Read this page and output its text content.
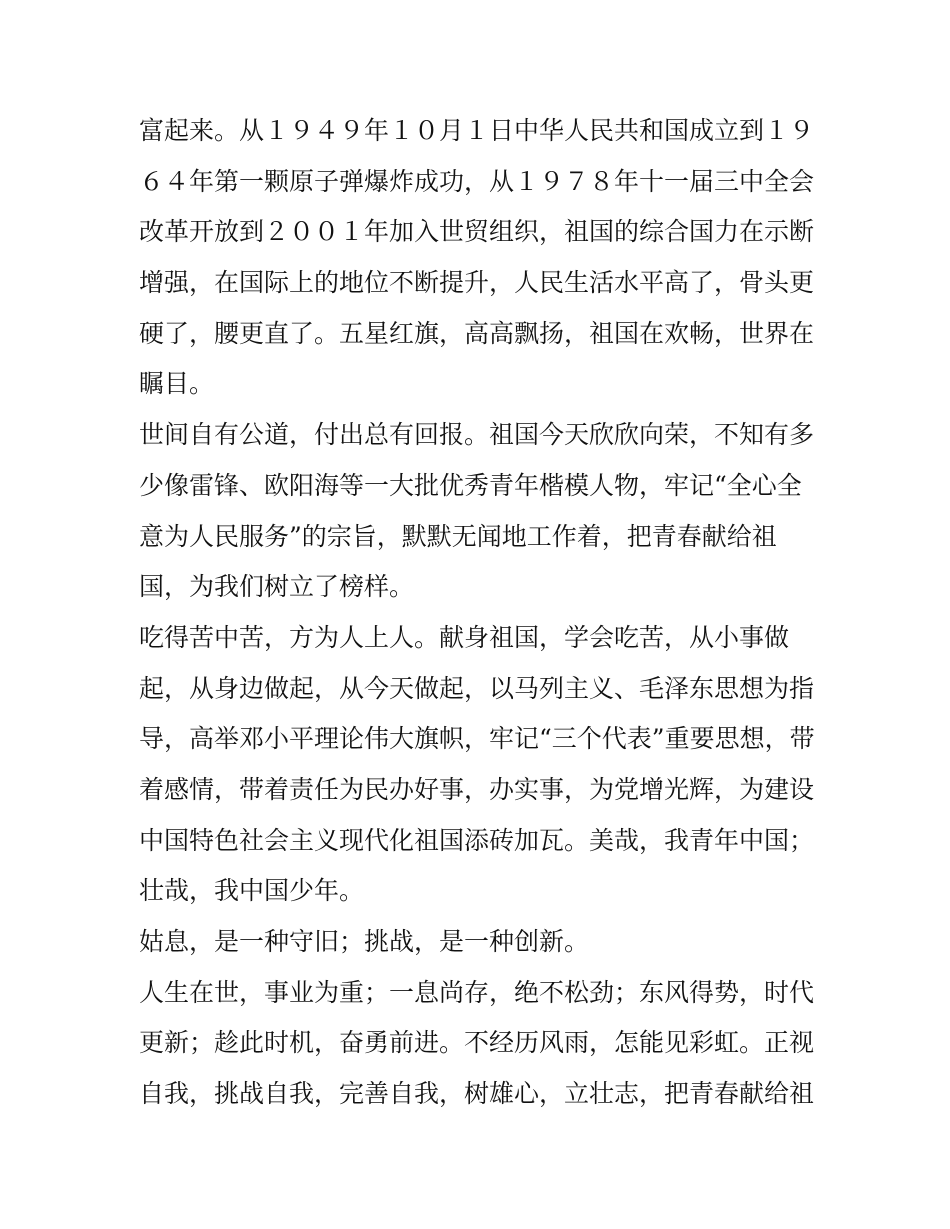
富起来。从１９４９年１０月１日中华人民共和国成立到１９
６４年第一颗原子弹爆炸成功，从１９７８年十一届三中全会
改革开放到２００１年加入世贸组织，祖国的综合国力在示断
增强，在国际上的地位不断提升，人民生活水平高了，骨头更
硬了，腰更直了。五星红旗，高高飘扬，祖国在欢畅，世界在
瞩目。
世间自有公道，付出总有回报。祖国今天欣欣向荣，不知有多
少像雷锋、欧阳海等一大批优秀青年楷模人物，牢记“全心全
意为人民服务”的宗旨，默默无闻地工作着，把青春献给祖
国，为我们树立了榜样。
吃得苦中苦，方为人上人。献身祖国，学会吃苦，从小事做
起，从身边做起，从今天做起，以马列主义、毛泽东思想为指
导，高举邓小平理论伟大旗帜，牢记“三个代表”重要思想，带
着感情，带着责任为民办好事，办实事，为党增光辉，为建设
中国特色社会主义现代化祖国添砖加瓦。美哉，我青年中国；
壮哉，我中国少年。
姑息，是一种守旧；挑战，是一种创新。
人生在世，事业为重；一息尚存，绝不松劲；东风得势，时代
更新；趁此时机，奋勇前进。不经历风雨，怎能见彩虹。正视
自我，挑战自我，完善自我，树雄心，立壮志，把青春献给祖
